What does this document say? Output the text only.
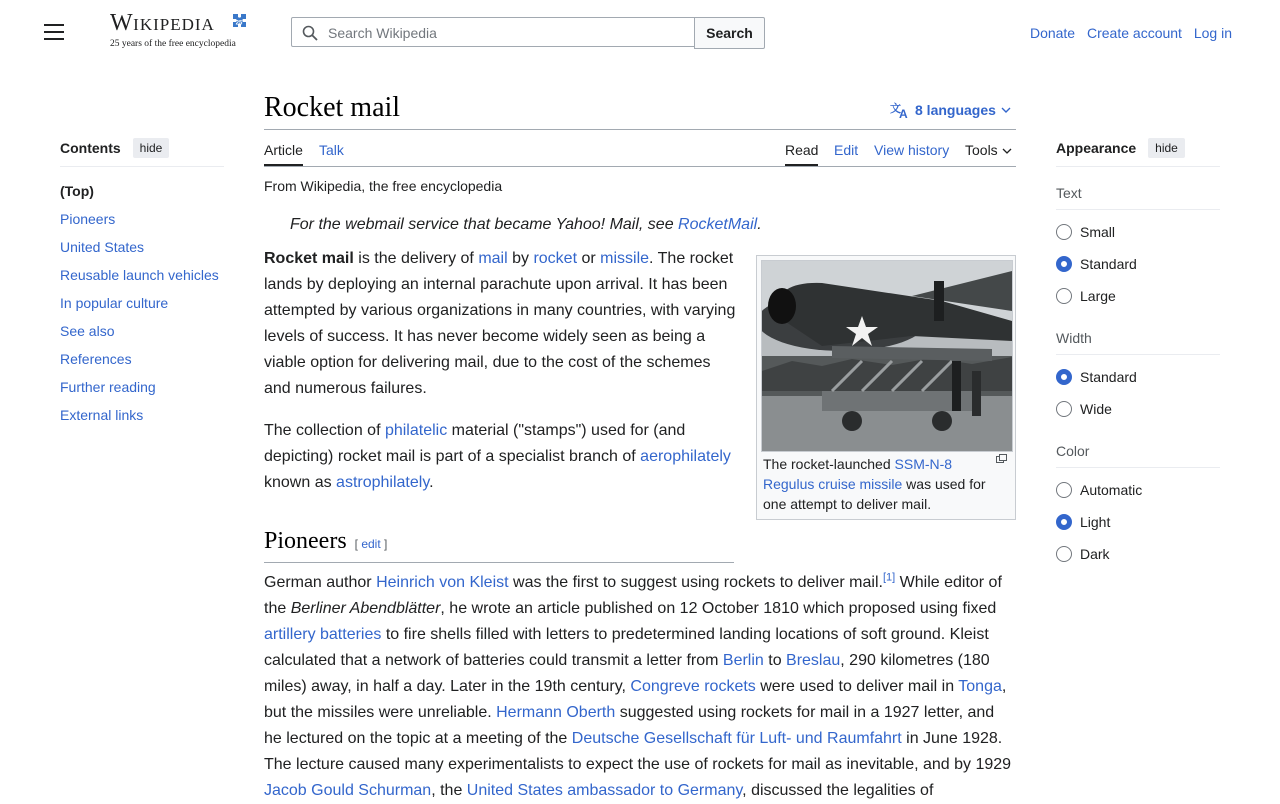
WIKIPEDIA
25 years of the free encyclopedia
25
Search Wikipedia
Search	Donate Create account Log in
Contents	hide
(Top)
Pioneers
United States
Reusable launch vehicles
In popular culture
See also
References
Further reading
External links
Rocket mail	文
A 8 languages
Article Talk	Read Edit View history Tools
From Wikipedia, the free encyclopedia
For the webmail service that became Yahoo! Mail, see RocketMail.
Rocket mail is the delivery of mail by rocket or missile. The rocket lands by deploying an internal parachute upon arrival. It has been attempted by various organizations in many countries, with varying levels of success. It has never become widely seen as being a viable option for delivering mail, due to the cost of the schemes and numerous failures.
The collection of philatelic material ("stamps") used for (and depicting) rocket mail is part of a specialist branch of aerophilately known as astrophilately.
The rocket-launched SSM-N-8 Regulus cruise missile was used for one attempt to deliver mail.
Pioneers [ edit ]
German author Heinrich von Kleist was the first to suggest using rockets to deliver mail.[1] While editor of the Berliner Abendblätter, he wrote an article published on 12 October 1810 which proposed using fixed artillery batteries to fire shells filled with letters to predetermined landing locations of soft ground. Kleist calculated that a network of batteries could transmit a letter from Berlin to Breslau, 290 kilometres (180 miles) away, in half a day. Later in the 19th century, Congreve rockets were used to deliver mail in Tonga, but the missiles were unreliable. Hermann Oberth suggested using rockets for mail in a 1927 letter, and he lectured on the topic at a meeting of the Deutsche Gesellschaft für Luft- und Raumfahrt in June 1928. The lecture caused many experimentalists to expect the use of rockets for mail as inevitable, and by 1929 Jacob Gould Schurman, the United States ambassador to Germany, discussed the legalities of
Appearance	hide
Text
Small
Standard
Large
Width
Standard
Wide
Color
Automatic
Light
Dark
